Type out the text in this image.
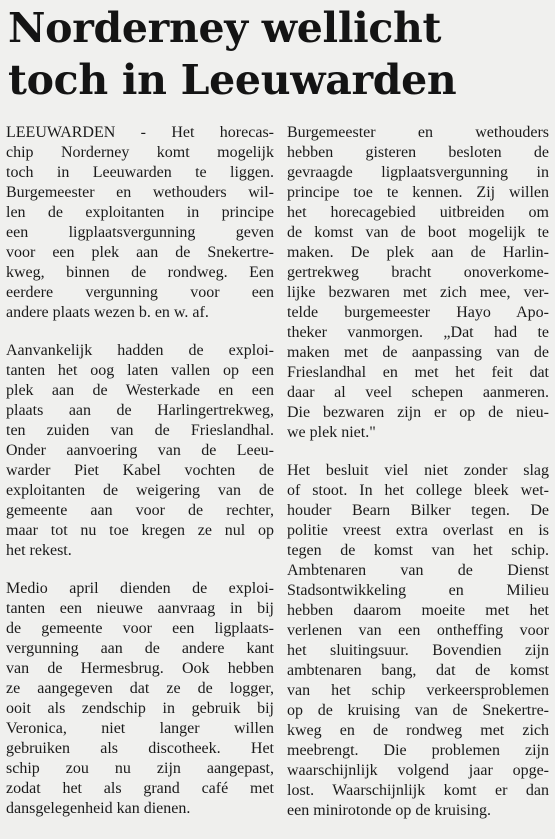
Norderney wellicht
toch in Leeuwarden
LEEUWARDEN - Het horecas-
chip Norderney komt mogelijk
toch in Leeuwarden te liggen.
Burgemeester en wethouders wil-
len de exploitanten in principe
een ligplaatsvergunning geven
voor een plek aan de Snekertre-
kweg, binnen de rondweg. Een
eerdere vergunning voor een
andere plaats wezen b. en w. af.
Aanvankelijk hadden de exploi-
tanten het oog laten vallen op een
plek aan de Westerkade en een
plaats aan de Harlingertrekweg,
ten zuiden van de Frieslandhal.
Onder aanvoering van de Leeu-
warder Piet Kabel vochten de
exploitanten de weigering van de
gemeente aan voor de rechter,
maar tot nu toe kregen ze nul op
het rekest.
Medio april dienden de exploi-
tanten een nieuwe aanvraag in bij
de gemeente voor een ligplaats-
vergunning aan de andere kant
van de Hermesbrug. Ook hebben
ze aangegeven dat ze de logger,
ooit als zendschip in gebruik bij
Veronica, niet langer willen
gebruiken als discotheek. Het
schip zou nu zijn aangepast,
zodat het als grand café met
dansgelegenheid kan dienen.
Burgemeester en wethouders
hebben gisteren besloten de
gevraagde ligplaatsvergunning in
principe toe te kennen. Zij willen
het horecagebied uitbreiden om
de komst van de boot mogelijk te
maken. De plek aan de Harlin-
gertrekweg bracht onoverkome-
lijke bezwaren met zich mee, ver-
telde burgemeester Hayo Apo-
theker vanmorgen. „Dat had te
maken met de aanpassing van de
Frieslandhal en met het feit dat
daar al veel schepen aanmeren.
Die bezwaren zijn er op de nieu-
we plek niet."
Het besluit viel niet zonder slag
of stoot. In het college bleek wet-
houder Bearn Bilker tegen. De
politie vreest extra overlast en is
tegen de komst van het schip.
Ambtenaren van de Dienst
Stadsontwikkeling en Milieu
hebben daarom moeite met het
verlenen van een ontheffing voor
het sluitingsuur. Bovendien zijn
ambtenaren bang, dat de komst
van het schip verkeersproblemen
op de kruising van de Snekertre-
kweg en de rondweg met zich
meebrengt. Die problemen zijn
waarschijnlijk volgend jaar opge-
lost. Waarschijnlijk komt er dan
een minirotonde op de kruising.
